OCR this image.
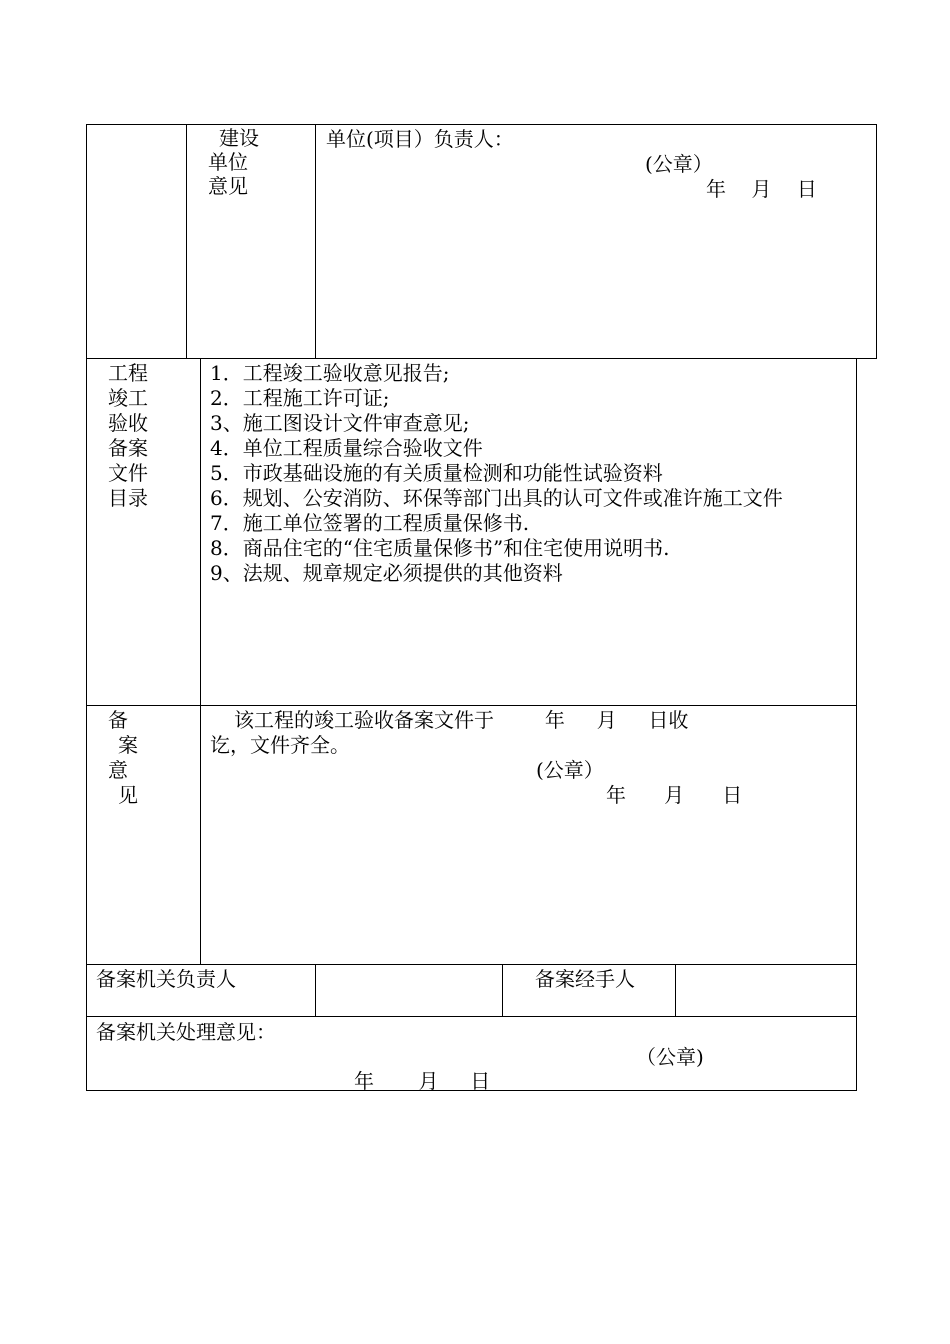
建设
单位
意见
单位(项目）负责人：
(公章）
年    月    日
工程
竣工
验收
备案
文件
目录
1．工程竣工验收意见报告;
2．工程施工许可证;
3、施工图设计文件审查意见;
4．单位工程质量综合验收文件
5．市政基础设施的有关质量检测和功能性试验资料
6．规划、公安消防、环保等部门出具的认可文件或准许施工文件
7．施工单位签署的工程质量保修书.
8．商品住宅的“住宅质量保修书”和住宅使用说明书.
9、法规、规章规定必须提供的其他资料
备
案
意
见
该工程的竣工验收备案文件于        年     月     日收
讫，文件齐全。
(公章）
年      月      日
备案机关负责人	备案经手人
备案机关处理意见：
（公章)
年       月     日
